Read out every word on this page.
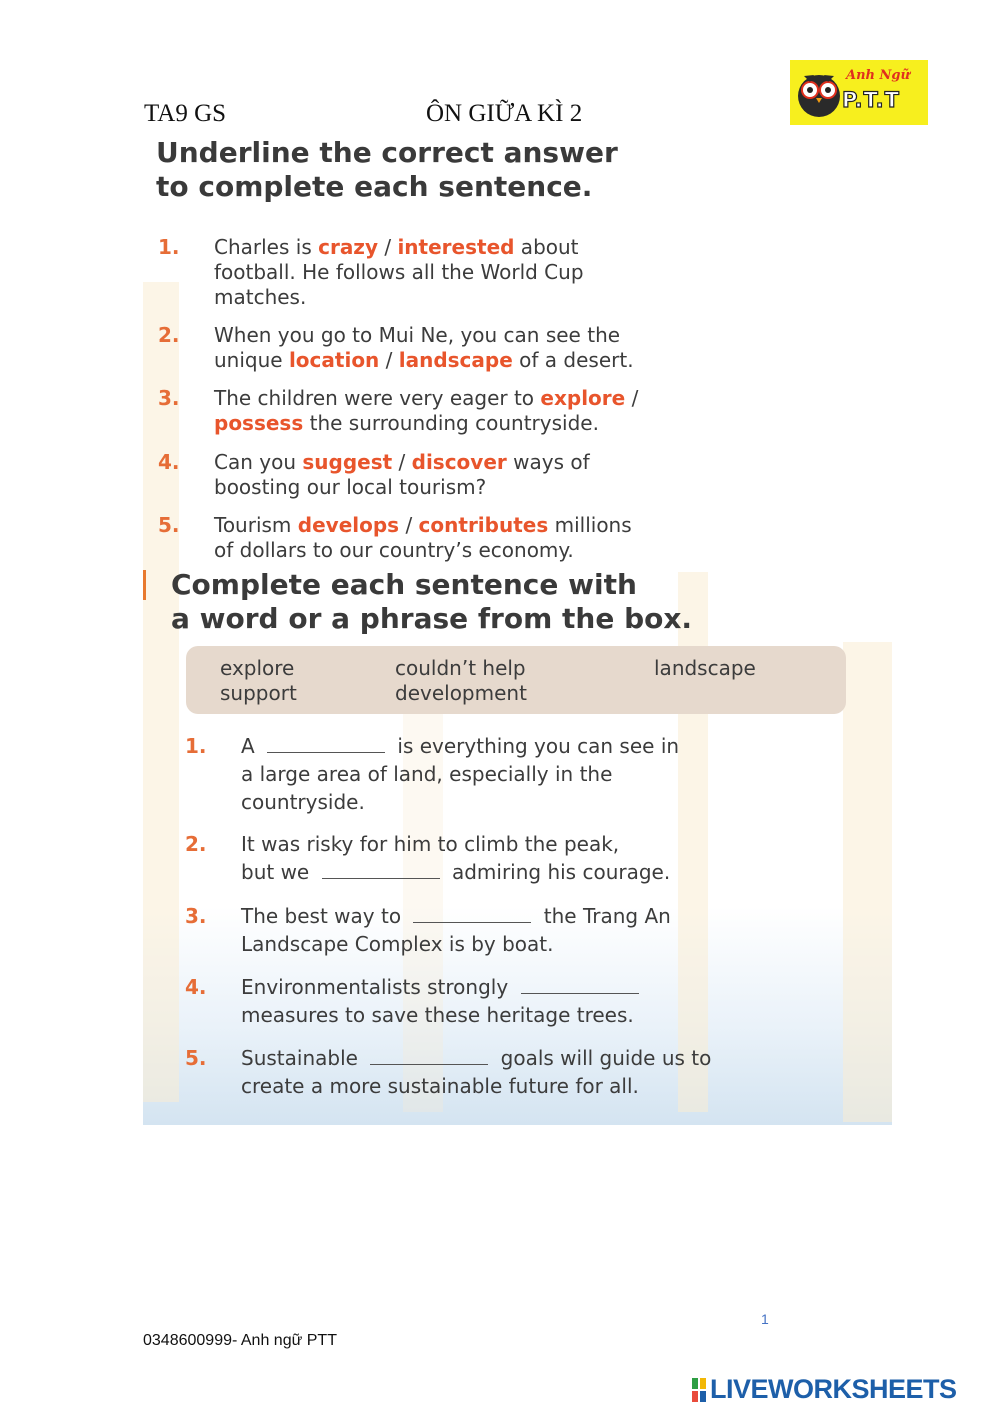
TA9 GS	ÔN GIỮA KÌ 2
Anh Ngữ
P.T.T
Underline the correct answer
to complete each sentence.
1. Charles is crazy / interested about
football. He follows all the World Cup
matches.
2. When you go to Mui Ne, you can see the
unique location / landscape of a desert.
3. The children were very eager to explore /
possess the surrounding countryside.
4. Can you suggest / discover ways of
boosting our local tourism?
5. Tourism develops / contributes millions
of dollars to our country’s economy.
Complete each sentence with
a word or a phrase from the box.
explore	couldn’t help	landscape
support	development
1. A	is everything you can see in
a large area of land, especially in the
countryside.
2. It was risky for him to climb the peak,
but we	admiring his courage.
3. The best way to	the Trang An
Landscape Complex is by boat.
4. Environmentalists strongly
measures to save these heritage trees.
5. Sustainable	goals will guide us to
create a more sustainable future for all.
1
0348600999- Anh ngữ PTT
LIVEWORKSHEETS
